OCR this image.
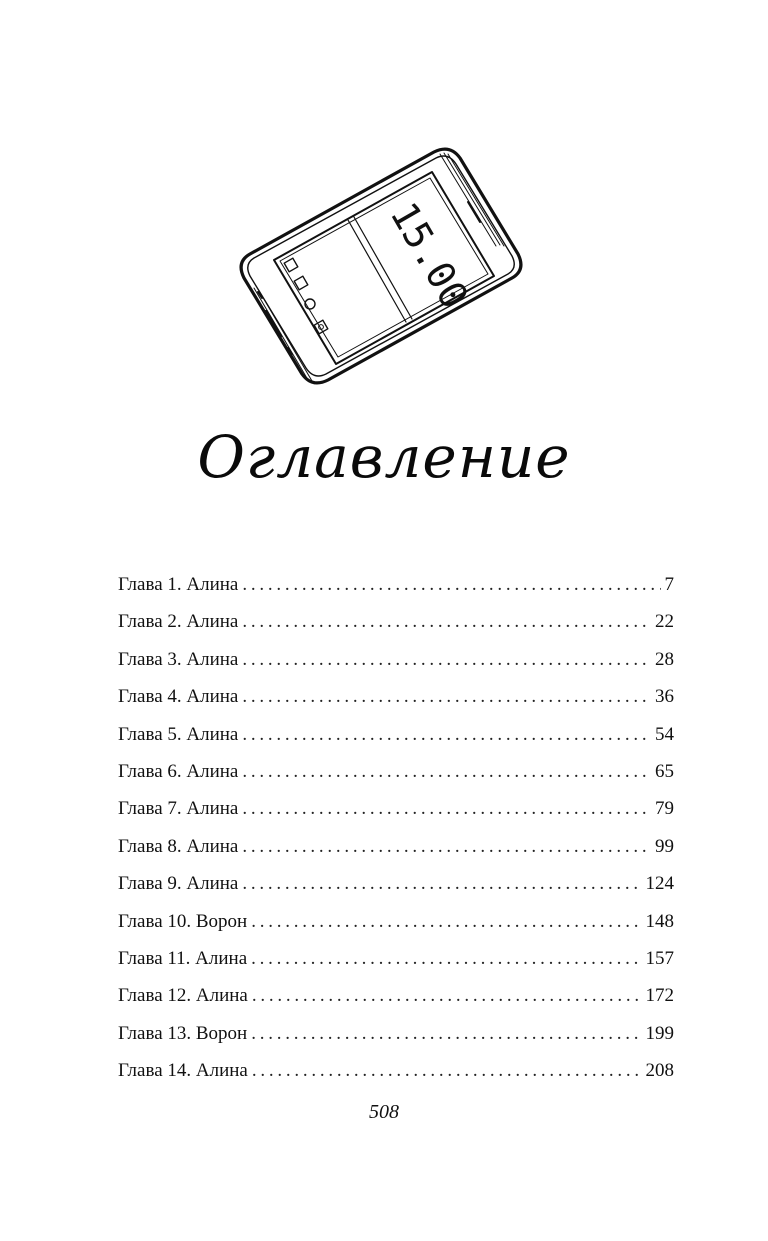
15.00
Оглавление
Глава 1. Алина . . .	7
Глава 2. Алина . . .	22
Глава 3. Алина . . .	28
Глава 4. Алина . . .	36
Глава 5. Алина . . .	54
Глава 6. Алина . . .	65
Глава 7. Алина . . .	79
Глава 8. Алина . . .	99
Глава 9. Алина . . .	124
Глава 10. Ворон . . .	148
Глава 11. Алина . . .	157
Глава 12. Алина . . .	172
Глава 13. Ворон . . .	199
Глава 14. Алина . . .	208
508
